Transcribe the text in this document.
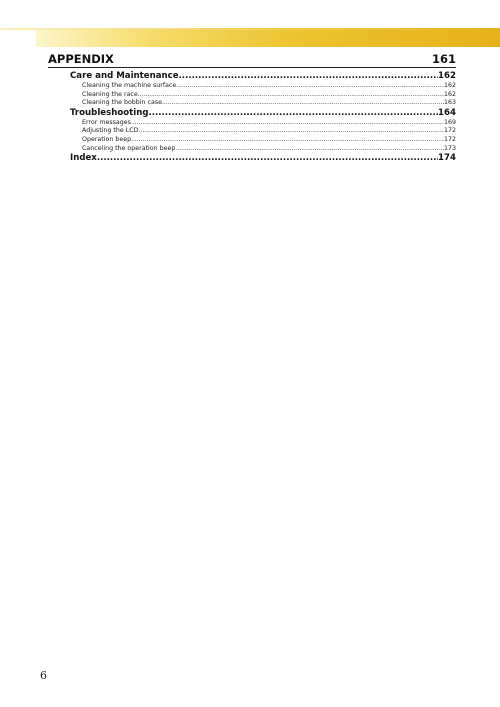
APPENDIX	161
Care and Maintenance .....	162
Cleaning the machine surface .....	162
Cleaning the race .....	162
Cleaning the bobbin case .....	163
Troubleshooting .....	164
Error messages .....	169
Adjusting the LCD .....	172
Operation beep .....	172
Canceling the operation beep .....	173
Index .....	174
6
